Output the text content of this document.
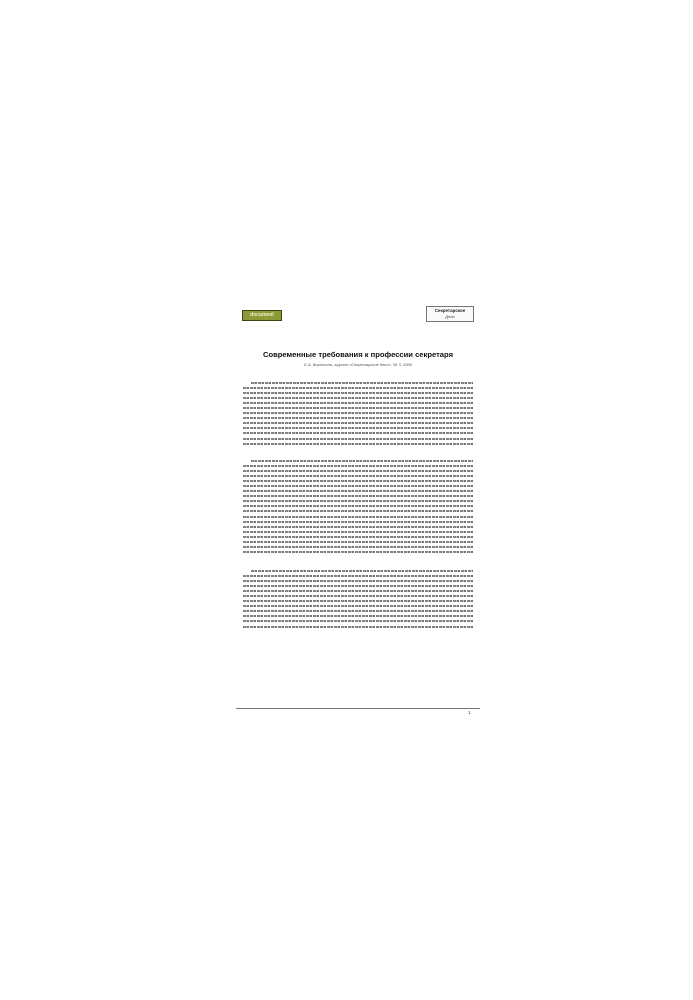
document
Секретарское
Дело
Современные требования к профессии секретаря
Е.А. Воротина, журнал «Секретарское дело», № 3, 2006
1
